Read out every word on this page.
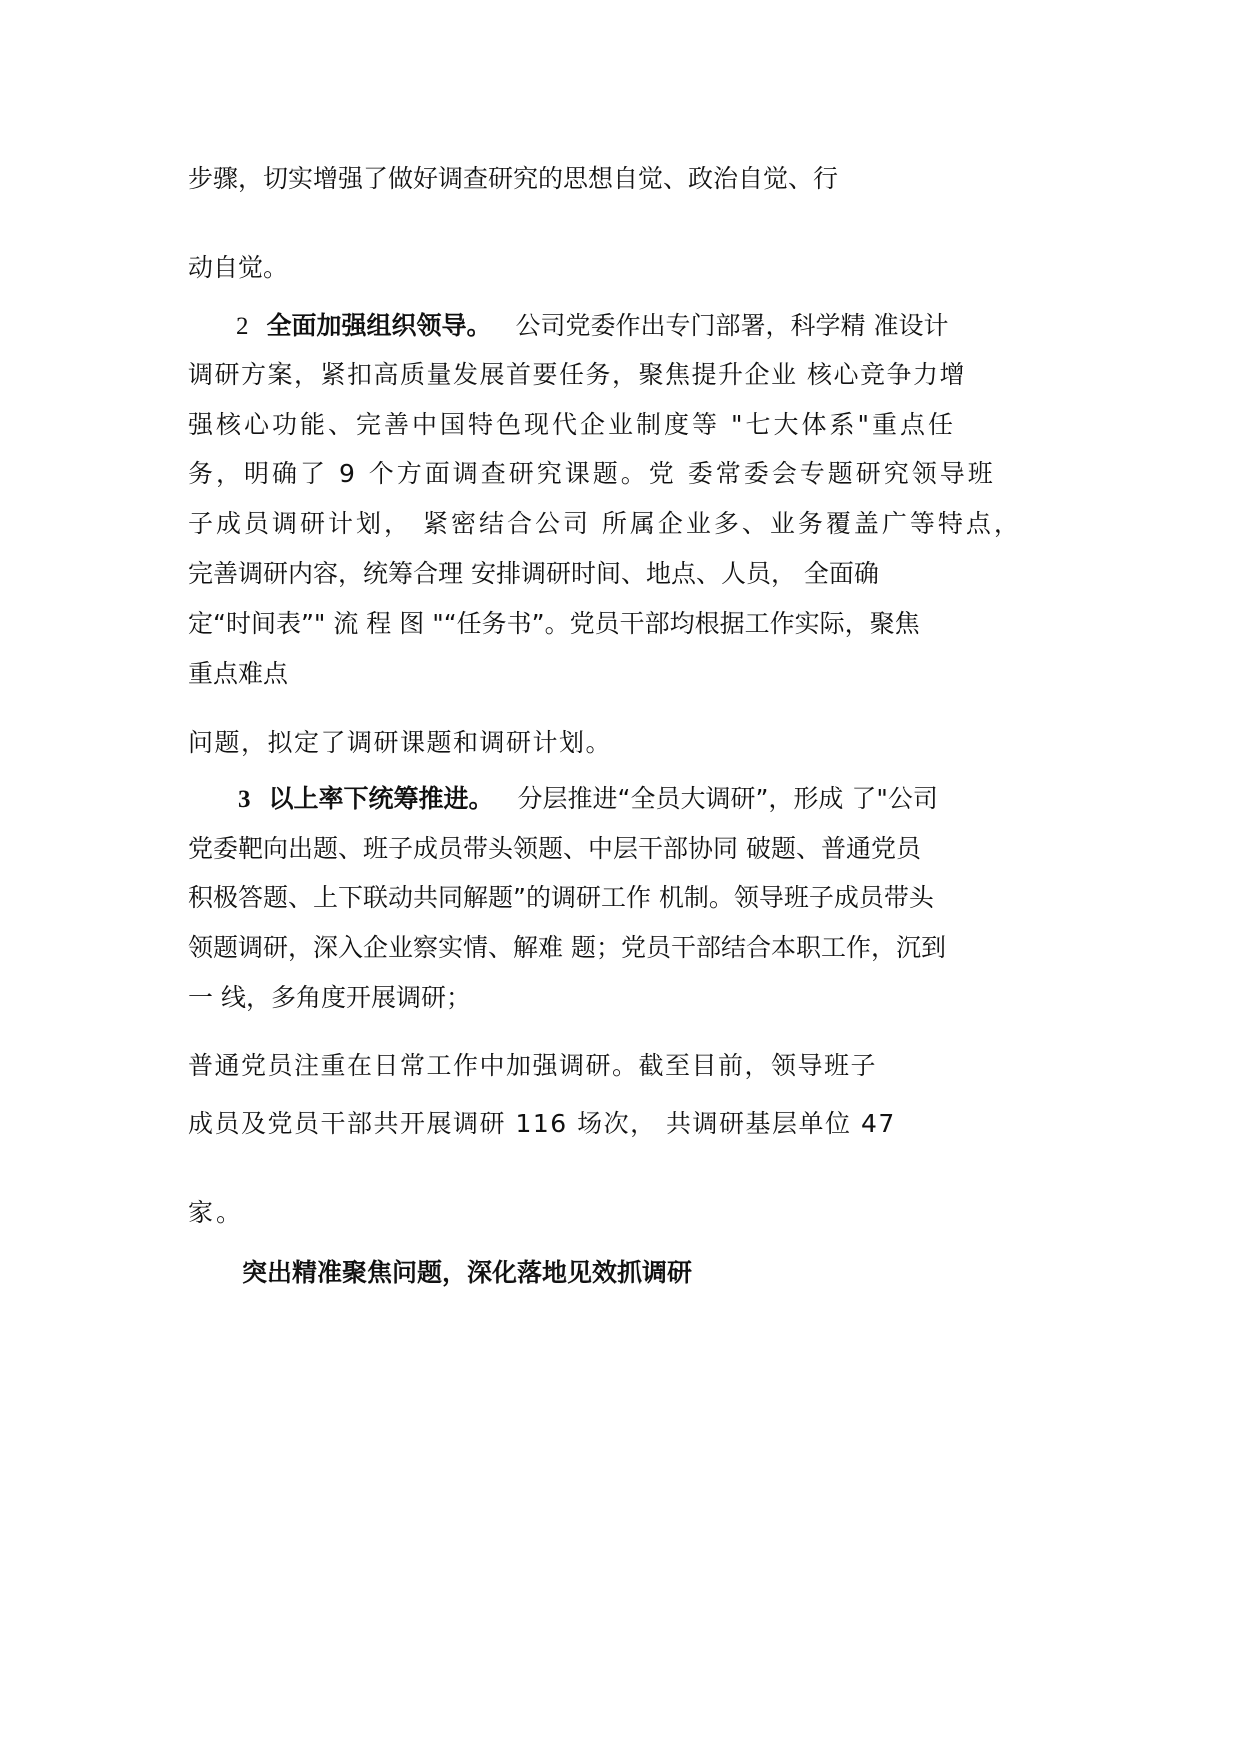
步骤，切实增强了做好调查研究的思想自觉、政治自觉、行
动自觉。
2 全面加强组织领导。 公司党委作出专门部署，科学精 准设计
调研方案，紧扣高质量发展首要任务，聚焦提升企业 核心竞争力增
强核心功能、完善中国特色现代企业制度等 "七大体系"重点任
务，明确了 9 个方面调查研究课题。党 委常委会专题研究领导班
子成员调研计划， 紧密结合公司 所属企业多、业务覆盖广等特点，
完善调研内容，统筹合理 安排调研时间、地点、人员， 全面确
定“时间表”" 流 程 图 "“任务书”。党员干部均根据工作实际，聚焦
重点难点
问题，拟定了调研课题和调研计划。
3 以上率下统筹推进。 分层推进“全员大调研”，形成 了"公司
党委靶向出题、班子成员带头领题、中层干部协同 破题、普通党员
积极答题、上下联动共同解题”的调研工作 机制。领导班子成员带头
领题调研，深入企业察实情、解难 题；党员干部结合本职工作，沉到
一 线，多角度开展调研；
普通党员注重在日常工作中加强调研。截至目前，领导班子
成员及党员干部共开展调研 116 场次， 共调研基层单位 47
家。
突出精准聚焦问题，深化落地见效抓调研
